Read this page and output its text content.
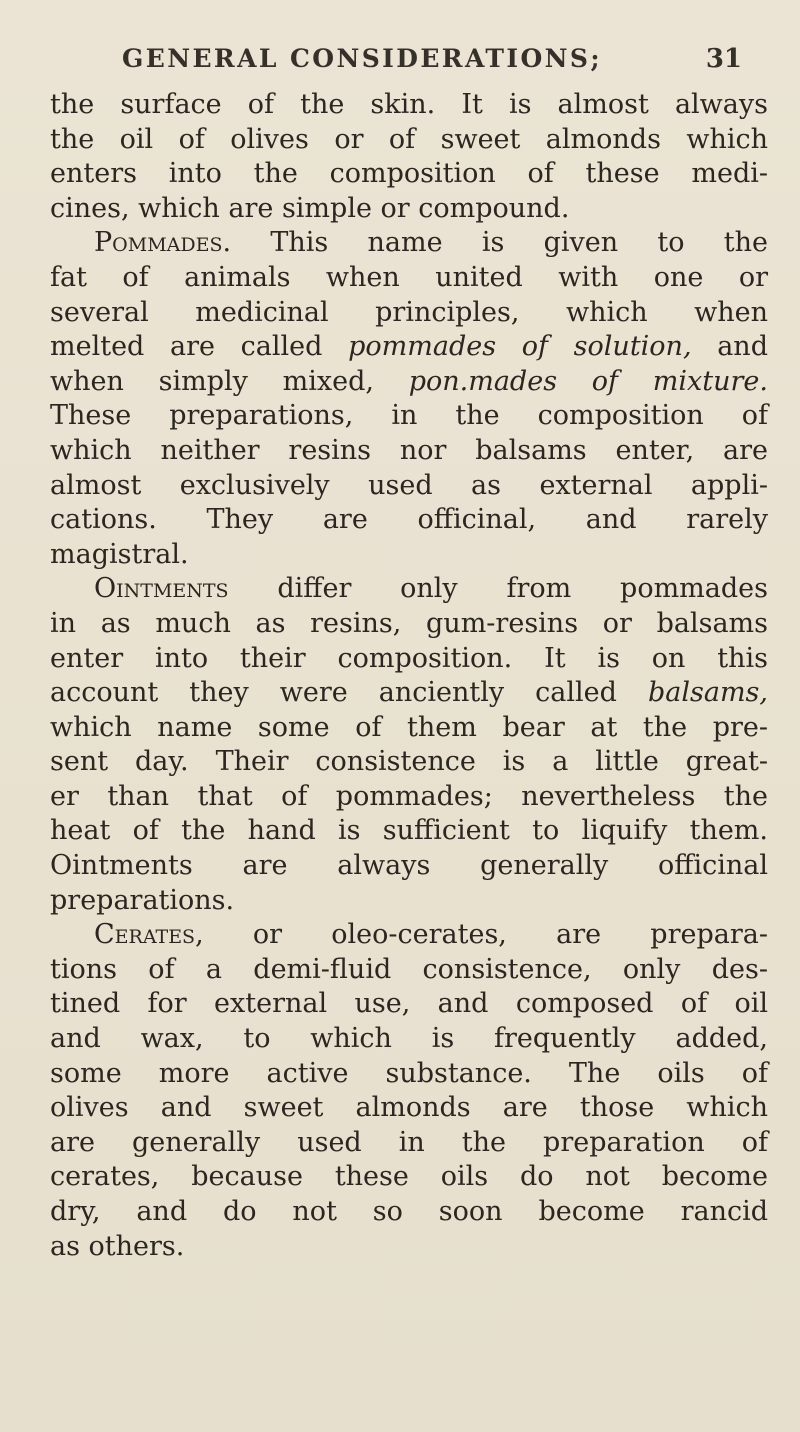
GENERAL CONSIDERATIONS;	31
the surface of the skin. It is almost always
the oil of olives or of sweet almonds which
enters into the composition of these medi-
cines, which are simple or compound.
Pommades. This name is given to the
fat of animals when united with one or
several medicinal principles, which when
melted are called pommades of solution, and
when simply mixed, pon.mades of mixture.
These preparations, in the composition of
which neither resins nor balsams enter, are
almost exclusively used as external appli-
cations. They are officinal, and rarely
magistral.
Ointments differ only from pommades
in as much as resins, gum-resins or balsams
enter into their composition. It is on this
account they were anciently called balsams,
which name some of them bear at the pre-
sent day. Their consistence is a little great-
er than that of pommades; nevertheless the
heat of the hand is sufficient to liquify them.
Ointments are always generally officinal
preparations.
Cerates, or oleo-cerates, are prepara-
tions of a demi-fluid consistence, only des-
tined for external use, and composed of oil
and wax, to which is frequently added,
some more active substance. The oils of
olives and sweet almonds are those which
are generally used in the preparation of
cerates, because these oils do not become
dry, and do not so soon become rancid
as others.
